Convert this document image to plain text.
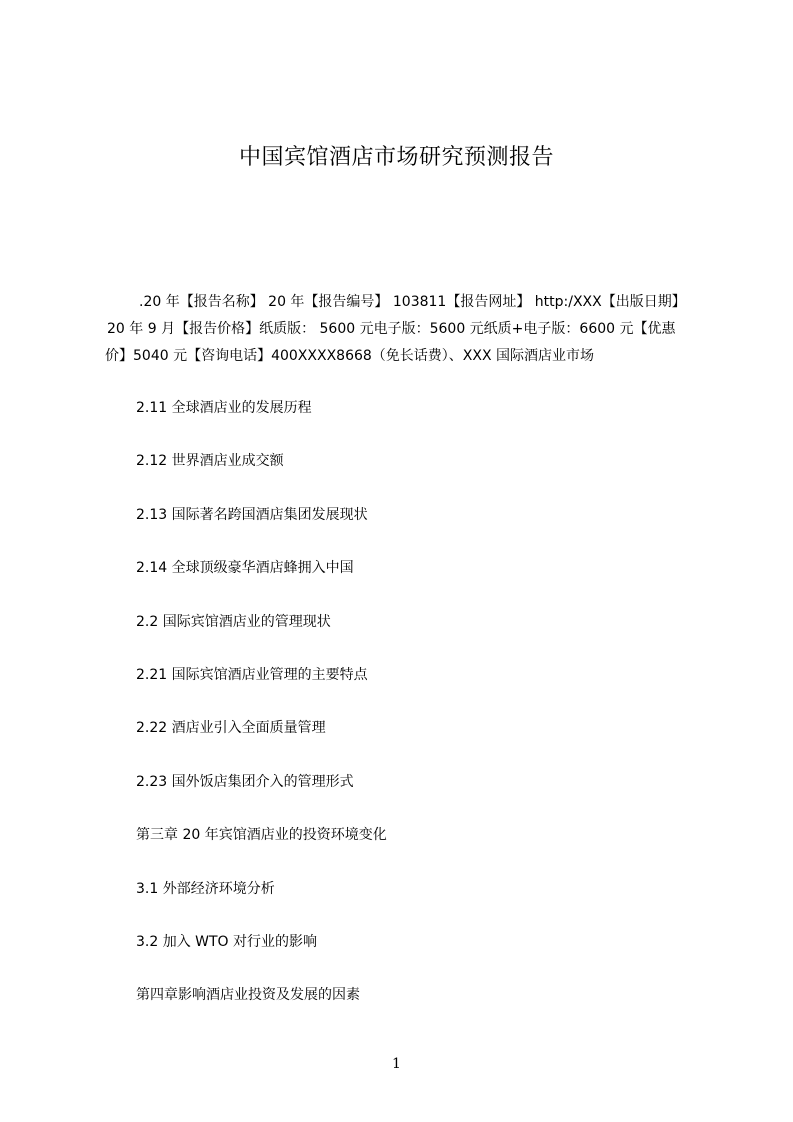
中国宾馆酒店市场研究预测报告
.20 年【报告名称】 20 年【报告编号】 103811【报告网址】 http:/XXX【出版日期】
20 年 9 月【报告价格】纸质版： 5600 元电子版：5600 元纸质+电子版：6600 元【优惠
价】5040 元【咨询电话】400XXXX8668（免长话费）、XXX 国际酒店业市场
2.11 全球酒店业的发展历程
2.12 世界酒店业成交额
2.13 国际著名跨国酒店集团发展现状
2.14 全球顶级豪华酒店蜂拥入中国
2.2 国际宾馆酒店业的管理现状
2.21 国际宾馆酒店业管理的主要特点
2.22 酒店业引入全面质量管理
2.23 国外饭店集团介入的管理形式
第三章 20 年宾馆酒店业的投资环境变化
3.1 外部经济环境分析
3.2 加入 WTO 对行业的影响
第四章影响酒店业投资及发展的因素
1
